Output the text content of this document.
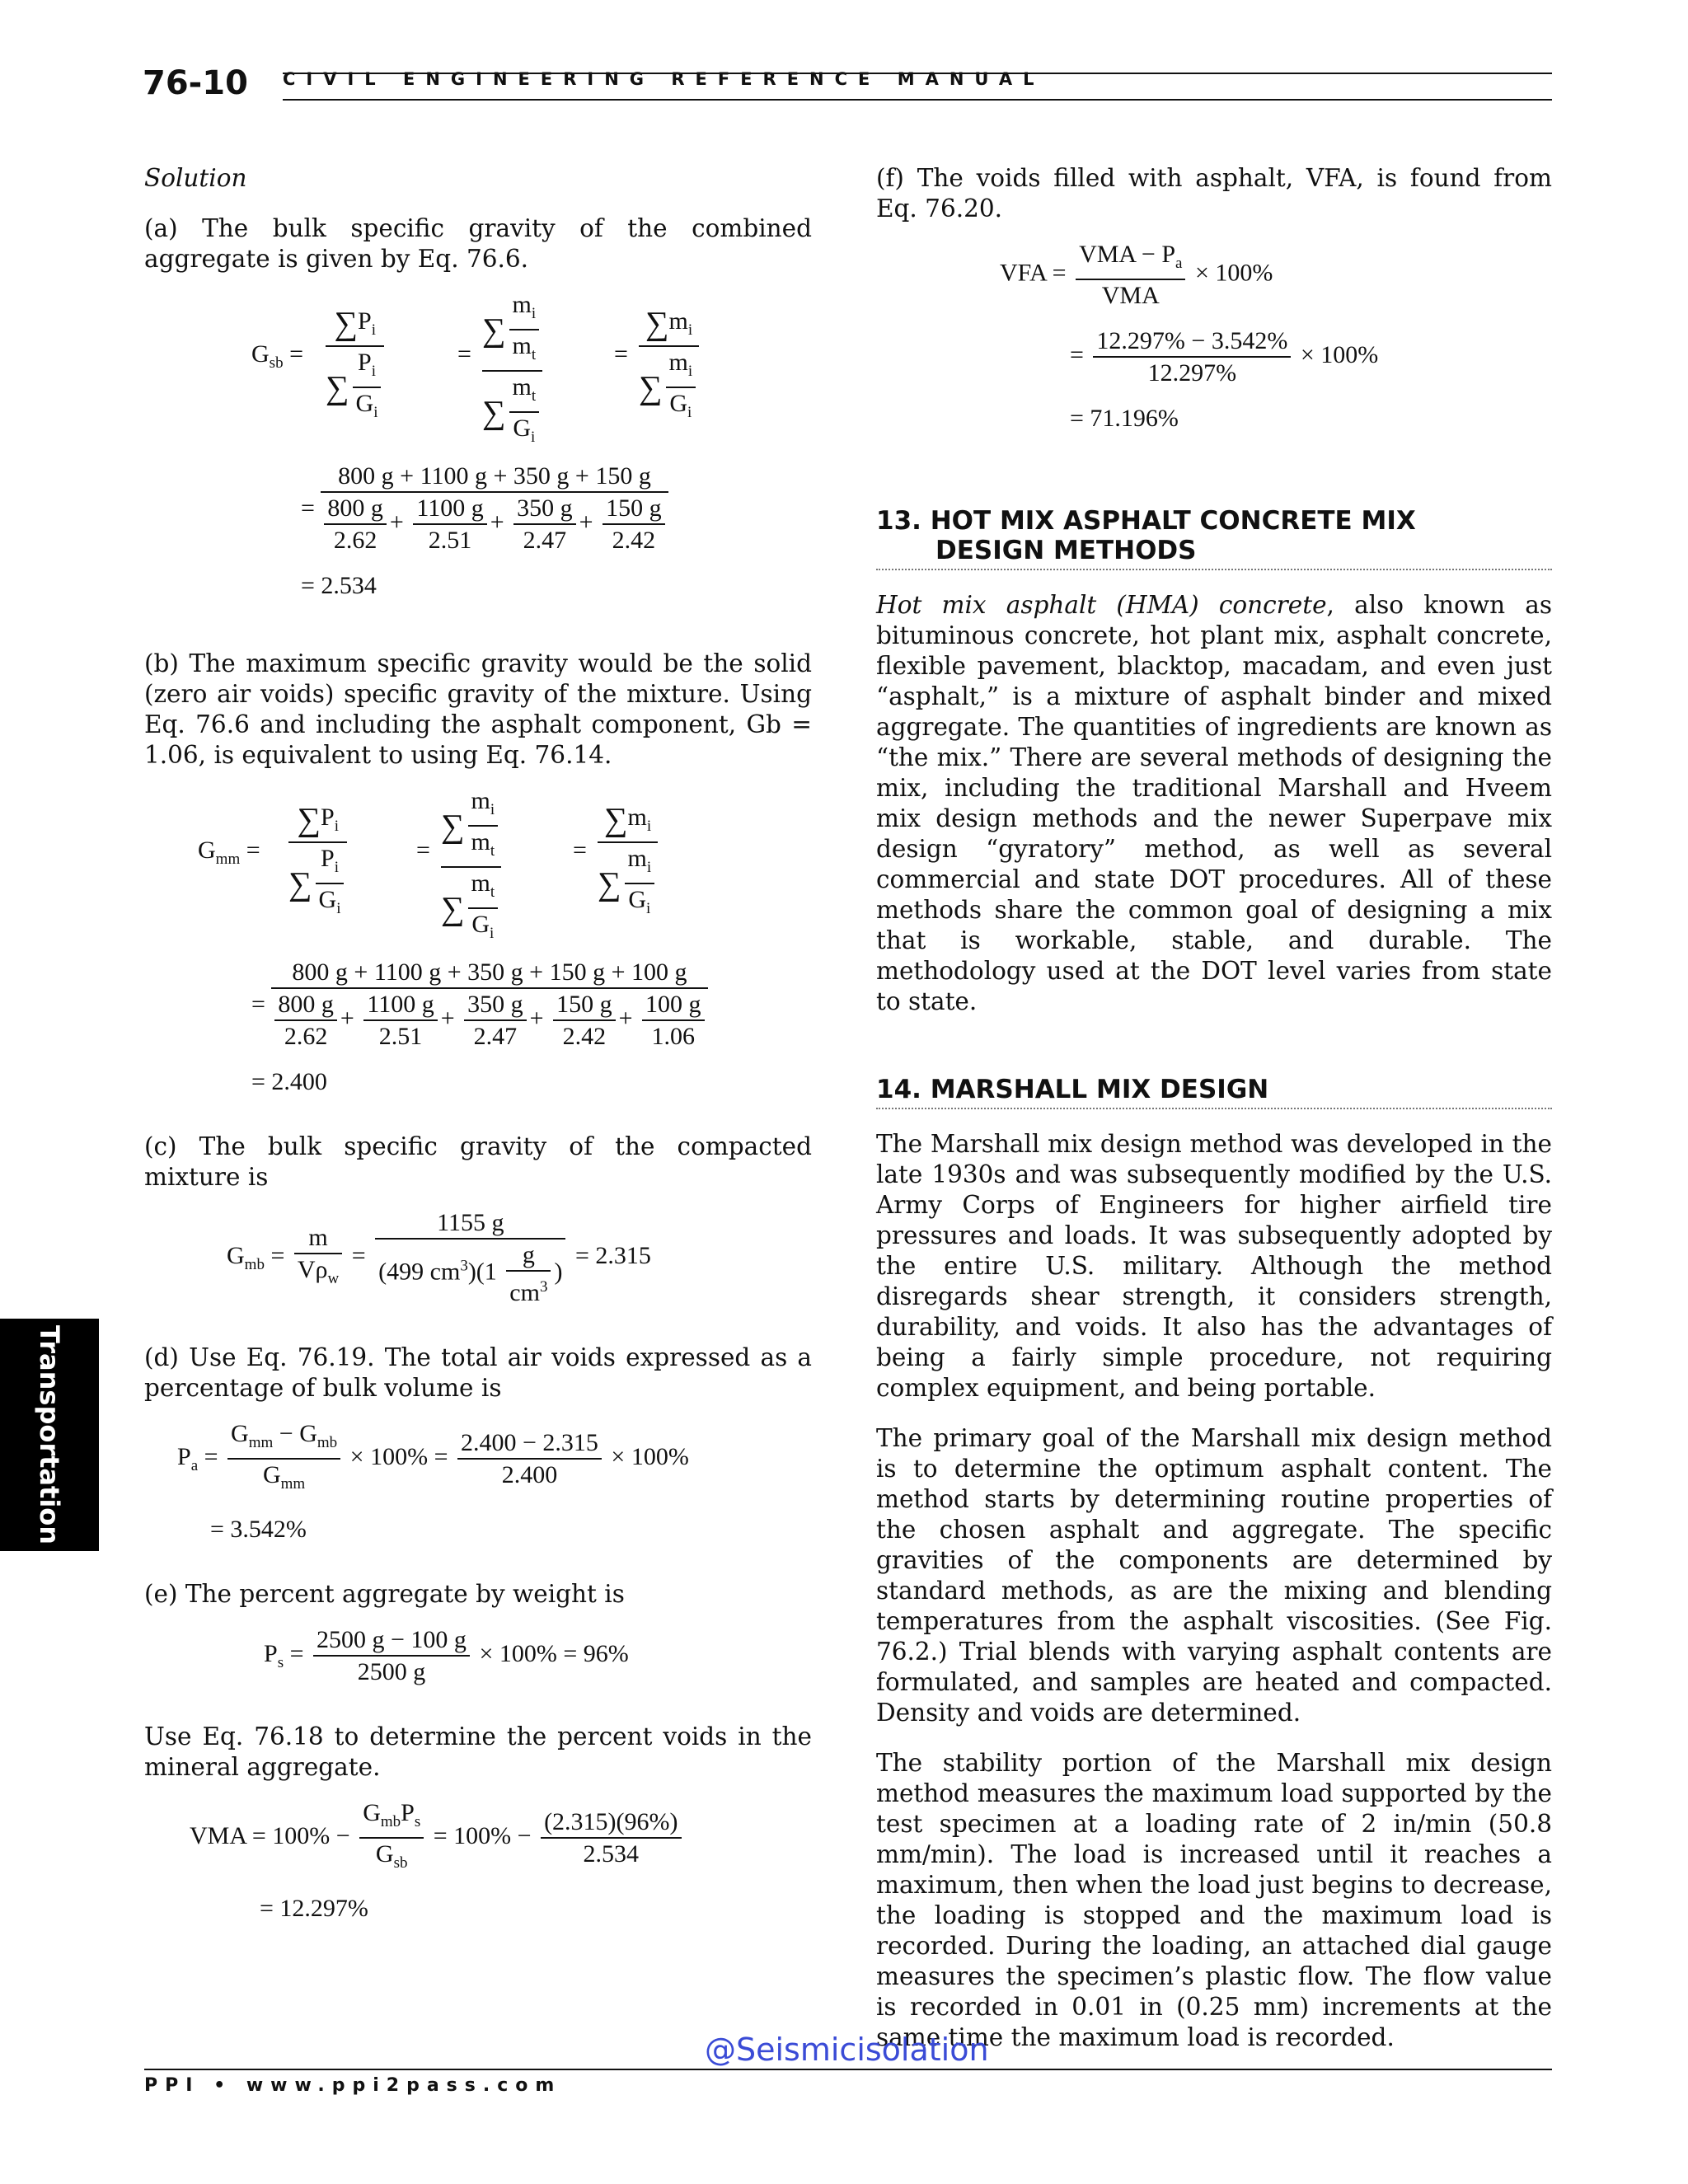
76-10 CIVIL ENGINEERING REFERENCE MANUAL
Transportation

Solution

(a) The bulk specific gravity of the combined aggregate is given by Eq. 76.6.

$G_{sb}$ =
$\sum P_i$
∑ $\frac{P_i}{G_i}$	=
∑ $\frac{m_i}{m_t}$
∑ $\frac{m_t}{G_i}$
=
$\sum m_i$
∑ $\frac{m_i}{G_i}$
=
800 g + 1100 g + 350 g + 150 g
$\frac{800 g}{2.62} + \frac{1100 g}{2.51} + \frac{350 g}{2.47} + \frac{150 g}{2.42}$
= 2.534

(b) The maximum specific gravity would be the solid (zero air voids) specific gravity of the mixture. Using Eq. 76.6 and including the asphalt component, Gb = 1.06, is equivalent to using Eq. 76.14.

$G_{mm}$ =
$\sum P_i$
∑ $\frac{P_i}{G_i}$	=
∑ $\frac{m_i}{m_t}$
∑ $\frac{m_t}{G_i}$
=
$\sum m_i$
∑ $\frac{m_i}{G_i}$
=
800 g + 1100 g + 350 g + 150 g + 100 g
$\frac{800 g}{2.62} + \frac{1100 g}{2.51} + \frac{350 g}{2.47} + \frac{150 g}{2.42} + \frac{100 g}{1.06}$
= 2.400

(c) The bulk specific gravity of the compacted mixture is

$G_{mb} = \frac{m}{V\rho_w} = \frac{1155 g}{(499 cm^3)(1 \frac{g}{cm^3} )} = 2.315$

(d) Use Eq. 76.19. The total air voids expressed as a percentage of bulk volume is

$P_a = \frac{G_{mm} - G_{mb}}{G_{mm}} \times 100\% = \frac{2.400 - 2.315}{2.400} \times 100\%$
= 3.542%

(e) The percent aggregate by weight is

$P_s = \frac{2500 g - 100 g}{2500 g} \times 100\% = 96\%$

Use Eq. 76.18 to determine the percent voids in the mineral aggregate.

VMA = $100\% - \frac{G_{mb}P_s}{G_{sb}} = 100\% - \frac{(2.315)(96\%)}{2.534}$
= 12.297%

(f) The voids filled with asphalt, VFA, is found from Eq. 76.20.

VFA = $\frac{VMA - P_a}{\text{VMA}} \times 100\%$
= $\frac{12.297\% - 3.542\%}{12.297\%} \times 100\%$
= 71.196%
13. HOT MIX ASPHALT CONCRETE MIX
DESIGN METHODS

Hot mix asphalt (HMA) concrete, also known as bituminous concrete, hot plant mix, asphalt concrete, flexible pavement, blacktop, macadam, and even just “asphalt,” is a mixture of asphalt binder and mixed aggregate. The quantities of ingredients are known as “the mix.” There are several methods of designing the mix, including the traditional Marshall and Hveem mix design methods and the newer Superpave mix design “gyratory” method, as well as several commercial and state DOT procedures. All of these methods share the common goal of designing a mix that is workable, stable, and durable. The methodology used at the DOT level varies from state to state.

14. MARSHALL MIX DESIGN

The Marshall mix design method was developed in the late 1930s and was subsequently modified by the U.S. Army Corps of Engineers for higher airfield tire pressures and loads. It was subsequently adopted by the entire U.S. military. Although the method disregards shear strength, it considers strength, durability, and voids. It also has the advantages of being a fairly simple procedure, not requiring complex equipment, and being portable.

The primary goal of the Marshall mix design method is to determine the optimum asphalt content. The method starts by determining routine properties of the chosen asphalt and aggregate. The specific gravities of the components are determined by standard methods, as are the mixing and blending temperatures from the asphalt viscosities. (See Fig. 76.2.) Trial blends with varying asphalt contents are formulated, and samples are heated and compacted. Density and voids are determined.

The stability portion of the Marshall mix design method measures the maximum load supported by the test specimen at a loading rate of 2 in/min (50.8 mm/min). The load is increased until it reaches a maximum, then when the load just begins to decrease, the loading is stopped and the maximum load is recorded. During the loading, an attached dial gauge measures the specimen’s plastic flow. The flow value is recorded in 0.01 in (0.25 mm) increments at the same time the maximum load is recorded.

@Seismicisolation
PPI • www.ppi2pass.com
